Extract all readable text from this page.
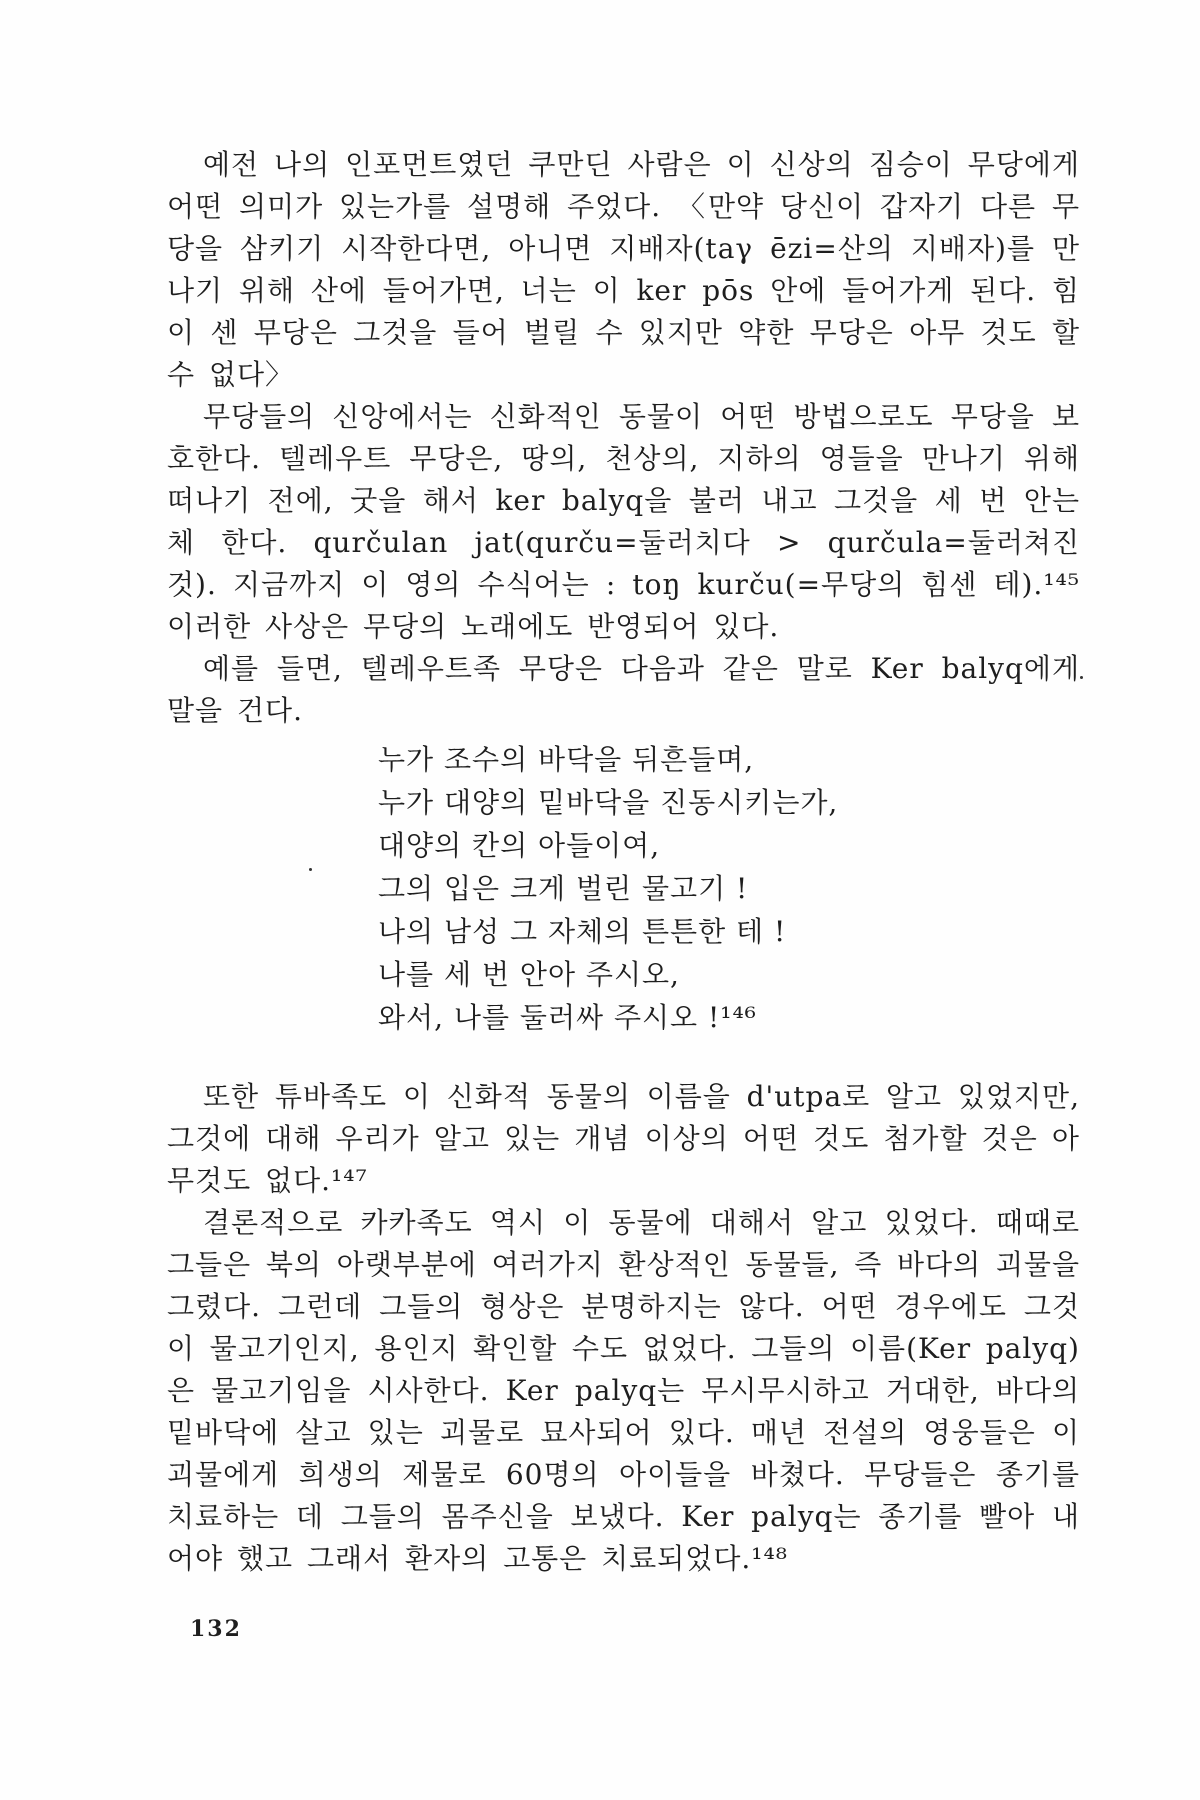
예전 나의 인포먼트였던 쿠만딘 사람은 이 신상의 짐승이 무당에게 어떤 의미가 있는가를 설명해 주었다. 〈만약 당신이 갑자기 다른 무당을 삼키기 시작한다면, 아니면 지배자(taγ ēzi=산의 지배자)를 만나기 위해 산에 들어가면, 너는 이 ker pōs 안에 들어가게 된다. 힘이 센 무당은 그것을 들어 벌릴 수 있지만 약한 무당은 아무 것도 할 수 없다〉

무당들의 신앙에서는 신화적인 동물이 어떤 방법으로도 무당을 보호한다. 텔레우트 무당은, 땅의, 천상의, 지하의 영들을 만나기 위해 떠나기 전에, 굿을 해서 ker balyq을 불러 내고 그것을 세 번 안는 체 한다. qurčulan jat(qurču=둘러치다 > qurčula=둘러쳐진 것). 지금까지 이 영의 수식어는 : toŋ kurču(=무당의 힘센 테).¹⁴⁵ 이러한 사상은 무당의 노래에도 반영되어 있다.

예를 들면, 텔레우트족 무당은 다음과 같은 말로 Ker balyq에게 말을 건다.

누가 조수의 바닥을 뒤흔들며,
누가 대양의 밑바닥을 진동시키는가,
대양의 칸의 아들이여,
그의 입은 크게 벌린 물고기 !
나의 남성 그 자체의 튼튼한 테 !
나를 세 번 안아 주시오,
와서, 나를 둘러싸 주시오 !¹⁴⁶

또한 튜바족도 이 신화적 동물의 이름을 d'utpa로 알고 있었지만, 그것에 대해 우리가 알고 있는 개념 이상의 어떤 것도 첨가할 것은 아무것도 없다.¹⁴⁷

결론적으로 카카족도 역시 이 동물에 대해서 알고 있었다. 때때로 그들은 북의 아랫부분에 여러가지 환상적인 동물들, 즉 바다의 괴물을 그렸다. 그런데 그들의 형상은 분명하지는 않다. 어떤 경우에도 그것이 물고기인지, 용인지 확인할 수도 없었다. 그들의 이름(Ker palyq)은 물고기임을 시사한다. Ker palyq는 무시무시하고 거대한, 바다의 밑바닥에 살고 있는 괴물로 묘사되어 있다. 매년 전설의 영웅들은 이 괴물에게 희생의 제물로 60명의 아이들을 바쳤다. 무당들은 종기를 치료하는 데 그들의 몸주신을 보냈다. Ker palyq는 종기를 빨아 내어야 했고 그래서 환자의 고통은 치료되었다.¹⁴⁸

132
